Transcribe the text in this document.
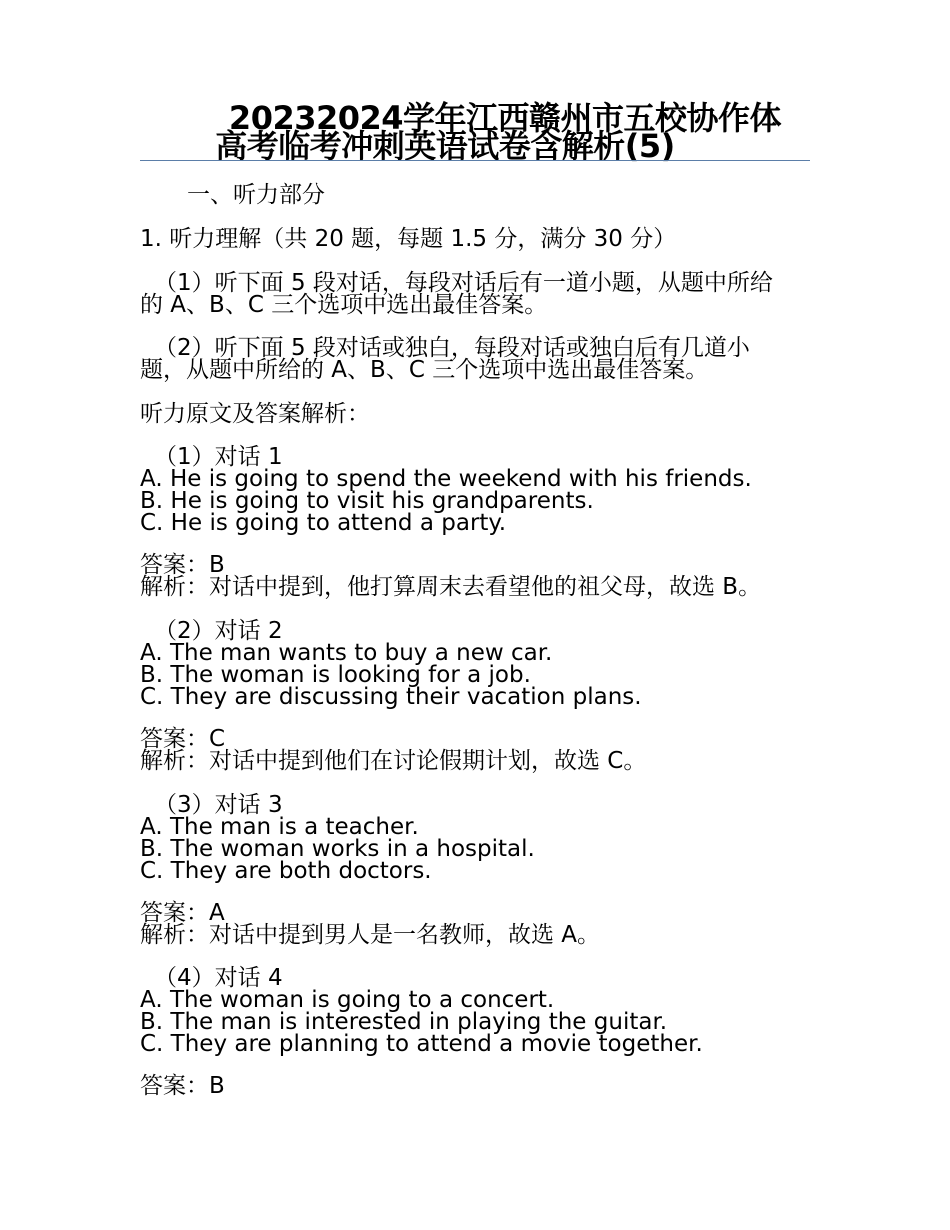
20232024学年江西赣州市五校协作体
高考临考冲刺英语试卷含解析(5)
一、听力部分
1. 听力理解（共 20 题，每题 1.5 分，满分 30 分）
（1）听下面 5 段对话，每段对话后有一道小题，从题中所给
的 A、B、C 三个选项中选出最佳答案。
（2）听下面 5 段对话或独白，每段对话或独白后有几道小
题，从题中所给的 A、B、C 三个选项中选出最佳答案。
听力原文及答案解析：
（1）对话 1
A. He is going to spend the weekend with his friends.
B. He is going to visit his grandparents.
C. He is going to attend a party.
答案：B
解析：对话中提到，他打算周末去看望他的祖父母，故选 B。
（2）对话 2
A. The man wants to buy a new car.
B. The woman is looking for a job.
C. They are discussing their vacation plans.
答案：C
解析：对话中提到他们在讨论假期计划，故选 C。
（3）对话 3
A. The man is a teacher.
B. The woman works in a hospital.
C. They are both doctors.
答案：A
解析：对话中提到男人是一名教师，故选 A。
（4）对话 4
A. The woman is going to a concert.
B. The man is interested in playing the guitar.
C. They are planning to attend a movie together.
答案：B
